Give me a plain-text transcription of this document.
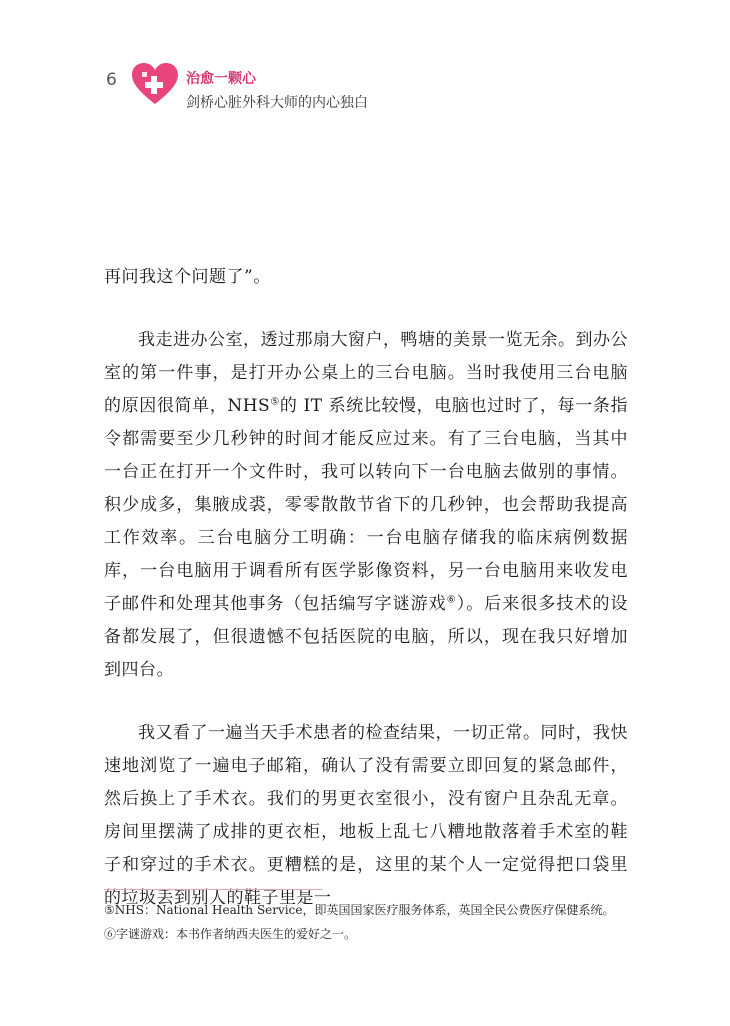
6	治愈一颗心
剑桥心脏外科大师的内心独白

再问我这个问题了”。

我走进办公室，透过那扇大窗户，鸭塘的美景一览无余。到办公室的第一件事，是打开办公桌上的三台电脑。当时我使用三台电脑的原因很简单，NHS⑤的 IT 系统比较慢，电脑也过时了，每一条指令都需要至少几秒钟的时间才能反应过来。有了三台电脑，当其中一台正在打开一个文件时，我可以转向下一台电脑去做别的事情。积少成多，集腋成裘，零零散散节省下的几秒钟，也会帮助我提高工作效率。三台电脑分工明确：一台电脑存储我的临床病例数据库，一台电脑用于调看所有医学影像资料，另一台电脑用来收发电子邮件和处理其他事务（包括编写字谜游戏⑥）。后来很多技术的设备都发展了，但很遗憾不包括医院的电脑，所以，现在我只好增加到四台。

我又看了一遍当天手术患者的检查结果，一切正常。同时，我快速地浏览了一遍电子邮箱，确认了没有需要立即回复的紧急邮件，然后换上了手术衣。我们的男更衣室很小，没有窗户且杂乱无章。房间里摆满了成排的更衣柜，地板上乱七八糟地散落着手术室的鞋子和穿过的手术衣。更糟糕的是，这里的某个人一定觉得把口袋里的垃圾丢到别人的鞋子里是一

⑤NHS：National Health Service，即英国国家医疗服务体系，英国全民公费医疗保健系统。
⑥字谜游戏：本书作者纳西夫医生的爱好之一。
